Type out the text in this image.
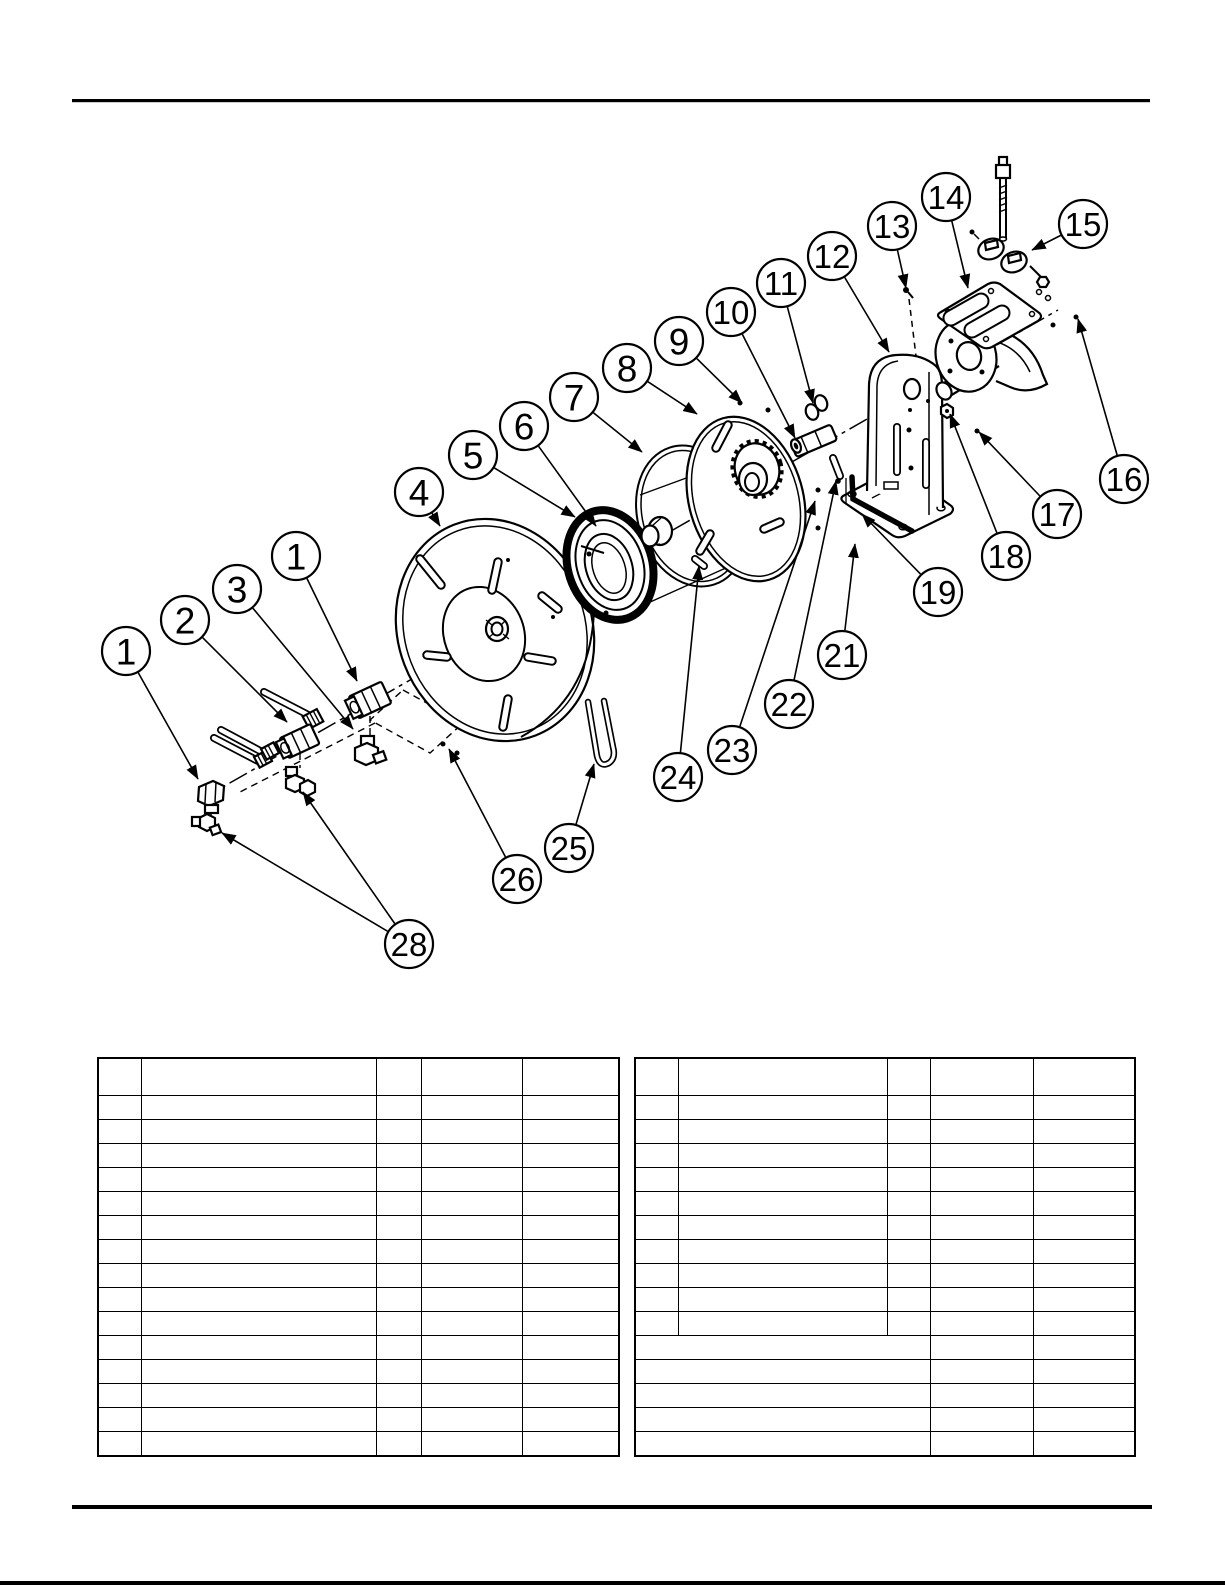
4
5
6
7
8
9
10
11
12
13
14
15
16
17
18
19
1
3
2
1	21
22
23
24
25
26
28
